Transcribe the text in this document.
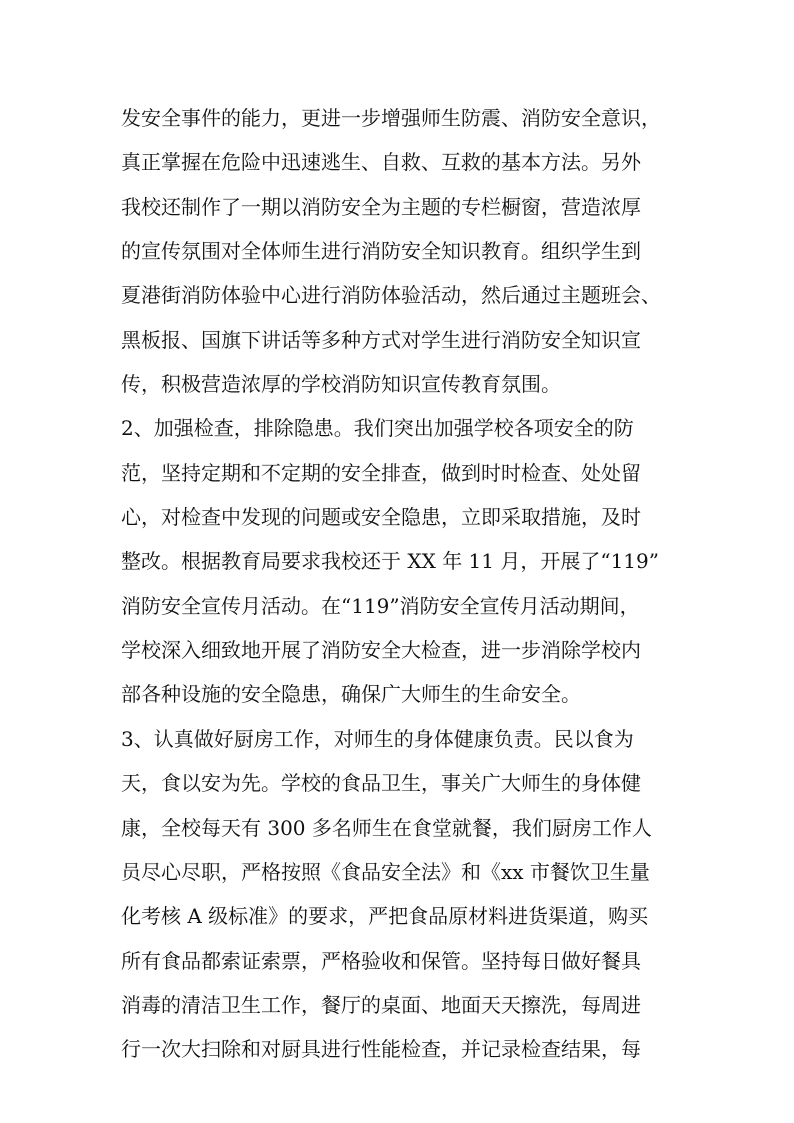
发安全事件的能力，更进一步增强师生防震、消防安全意识，
真正掌握在危险中迅速逃生、自救、互救的基本方法。另外
我校还制作了一期以消防安全为主题的专栏橱窗，营造浓厚
的宣传氛围对全体师生进行消防安全知识教育。组织学生到
夏港街消防体验中心进行消防体验活动，然后通过主题班会、
黑板报、国旗下讲话等多种方式对学生进行消防安全知识宣
传，积极营造浓厚的学校消防知识宣传教育氛围。
2、加强检查，排除隐患。我们突出加强学校各项安全的防
范，坚持定期和不定期的安全排查，做到时时检查、处处留
心，对检查中发现的问题或安全隐患，立即采取措施，及时
整改。根据教育局要求我校还于 XX 年 11 月，开展了“119”
消防安全宣传月活动。在“119”消防安全宣传月活动期间，
学校深入细致地开展了消防安全大检查，进一步消除学校内
部各种设施的安全隐患，确保广大师生的生命安全。
3、认真做好厨房工作，对师生的身体健康负责。民以食为
天，食以安为先。学校的食品卫生，事关广大师生的身体健
康，全校每天有 300 多名师生在食堂就餐，我们厨房工作人
员尽心尽职，严格按照《食品安全法》和《xx 市餐饮卫生量
化考核 A 级标准》的要求，严把食品原材料进货渠道，购买
所有食品都索证索票，严格验收和保管。坚持每日做好餐具
消毒的清洁卫生工作，餐厅的桌面、地面天天擦洗，每周进
行一次大扫除和对厨具进行性能检查，并记录检查结果，每
